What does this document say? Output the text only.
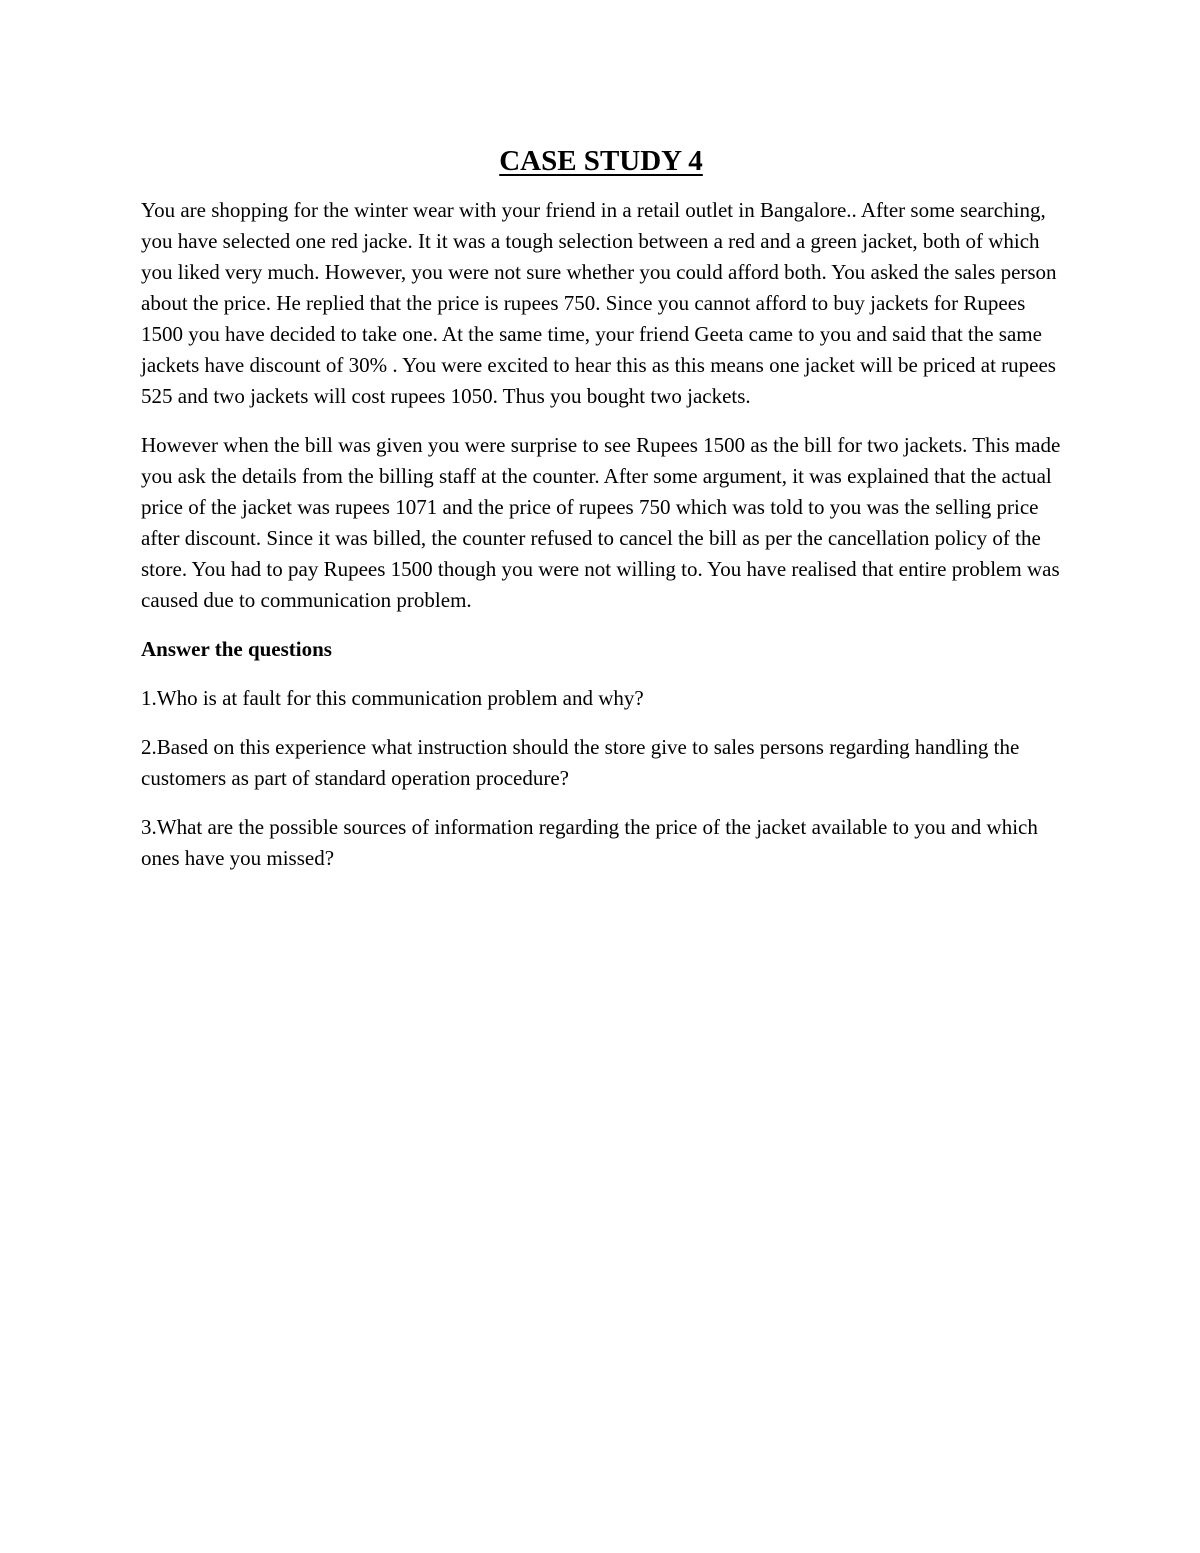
CASE STUDY 4

You are shopping for the winter wear with your friend in a retail outlet in Bangalore.. After some searching, you have selected one red jacke. It it was a tough selection between a red and a green jacket, both of which you liked very much. However, you were not sure whether you could afford both. You asked the sales person about the price. He replied that the price is rupees 750. Since you cannot afford to buy jackets for Rupees 1500 you have decided to take one. At the same time, your friend Geeta came to you and said that the same jackets have discount of 30% . You were excited to hear this as this means one jacket will be priced at rupees 525 and two jackets will cost rupees 1050. Thus you bought two jackets.

However when the bill was given you were surprise to see Rupees 1500 as the bill for two jackets. This made you ask the details from the billing staff at the counter. After some argument, it was explained that the actual price of the jacket was rupees 1071 and the price of rupees 750 which was told to you was the selling price after discount. Since it was billed, the counter refused to cancel the bill as per the cancellation policy of the store. You had to pay Rupees 1500 though you were not willing to. You have realised that entire problem was caused due to communication problem.

Answer the questions

1.Who is at fault for this communication problem and why?

2.Based on this experience what instruction should the store give to sales persons regarding handling the customers as part of standard operation procedure?

3.What are the possible sources of information regarding the price of the jacket available to you and which ones have you missed?
